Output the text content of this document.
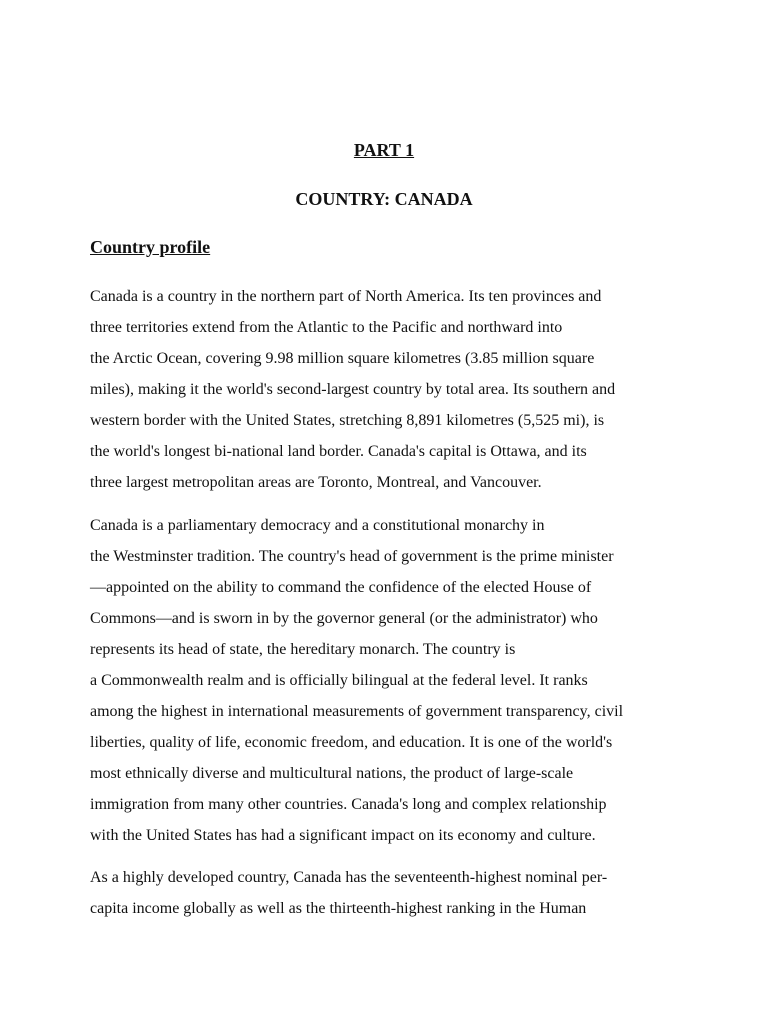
PART 1
COUNTRY: CANADA
Country profile
Canada is a country in the northern part of North America. Its ten provinces and
three territories extend from the Atlantic to the Pacific and northward into
the Arctic Ocean, covering 9.98 million square kilometres (3.85 million square
miles), making it the world's second-largest country by total area. Its southern and
western border with the United States, stretching 8,891 kilometres (5,525 mi), is
the world's longest bi-national land border. Canada's capital is Ottawa, and its
three largest metropolitan areas are Toronto, Montreal, and Vancouver.
Canada is a parliamentary democracy and a constitutional monarchy in
the Westminster tradition. The country's head of government is the prime minister
—appointed on the ability to command the confidence of the elected House of
Commons—and is sworn in by the governor general (or the administrator) who
represents its head of state, the hereditary monarch. The country is
a Commonwealth realm and is officially bilingual at the federal level. It ranks
among the highest in international measurements of government transparency, civil
liberties, quality of life, economic freedom, and education. It is one of the world's
most ethnically diverse and multicultural nations, the product of large-scale
immigration from many other countries. Canada's long and complex relationship
with the United States has had a significant impact on its economy and culture.
As a highly developed country, Canada has the seventeenth-highest nominal per-
capita income globally as well as the thirteenth-highest ranking in the Human
